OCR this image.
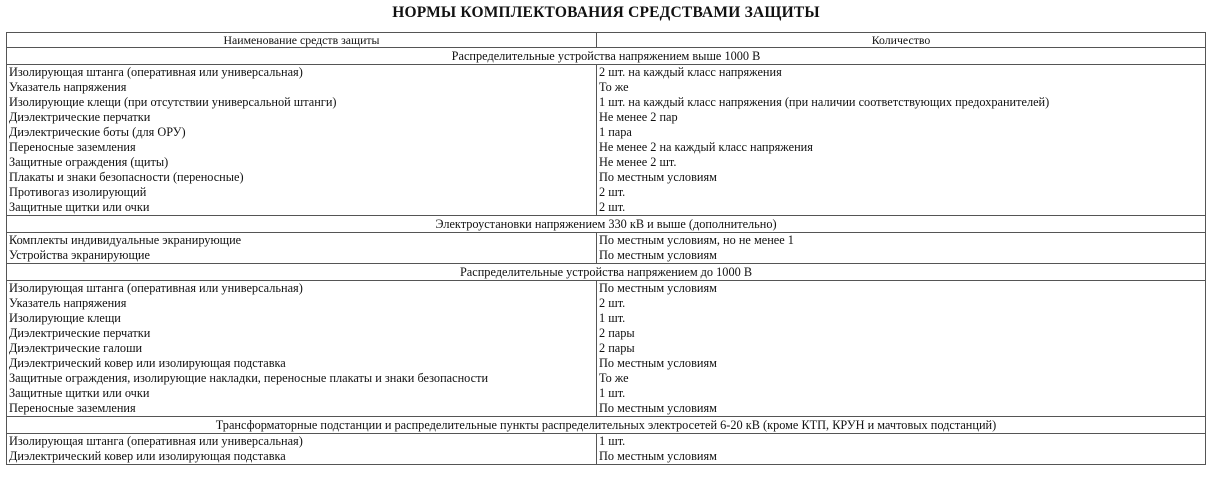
НОРМЫ КОМПЛЕКТОВАНИЯ СРЕДСТВАМИ ЗАЩИТЫ
Наименование средств защиты	Количество
Распределительные устройства напряжением выше 1000 В	
Изолирующая штанга (оперативная или универсальная)	2 шт. на каждый класс напряжения
Указатель напряжения	То же
Изолирующие клещи (при отсутствии универсальной штанги)	1 шт. на каждый класс напряжения (при наличии соответствующих предохранителей)
Диэлектрические перчатки	Не менее 2 пар
Диэлектрические боты (для ОРУ)	1 пара
Переносные заземления	Не менее 2 на каждый класс напряжения
Защитные ограждения (щиты)	Не менее 2 шт.
Плакаты и знаки безопасности (переносные)	По местным условиям
Противогаз изолирующий	2 шт.
Защитные щитки или очки	2 шт.
Электроустановки напряжением 330 кВ и выше (дополнительно)	
Комплекты индивидуальные экранирующие	По местным условиям, но не менее 1
Устройства экранирующие	По местным условиям
Распределительные устройства напряжением до 1000 В	
Изолирующая штанга (оперативная или универсальная)	По местным условиям
Указатель напряжения	2 шт.
Изолирующие клещи	1 шт.
Диэлектрические перчатки	2 пары
Диэлектрические галоши	2 пары
Диэлектрический ковер или изолирующая подставка	По местным условиям
Защитные ограждения, изолирующие накладки, переносные плакаты и знаки безопасности	То же
Защитные щитки или очки	1 шт.
Переносные заземления	По местным условиям
Трансформаторные подстанции и распределительные пункты распределительных электросетей 6-20 кВ (кроме КТП, КРУН и мачтовых подстанций)	
Изолирующая штанга (оперативная или универсальная)	1 шт.
Диэлектрический ковер или изолирующая подставка	По местным условиям
